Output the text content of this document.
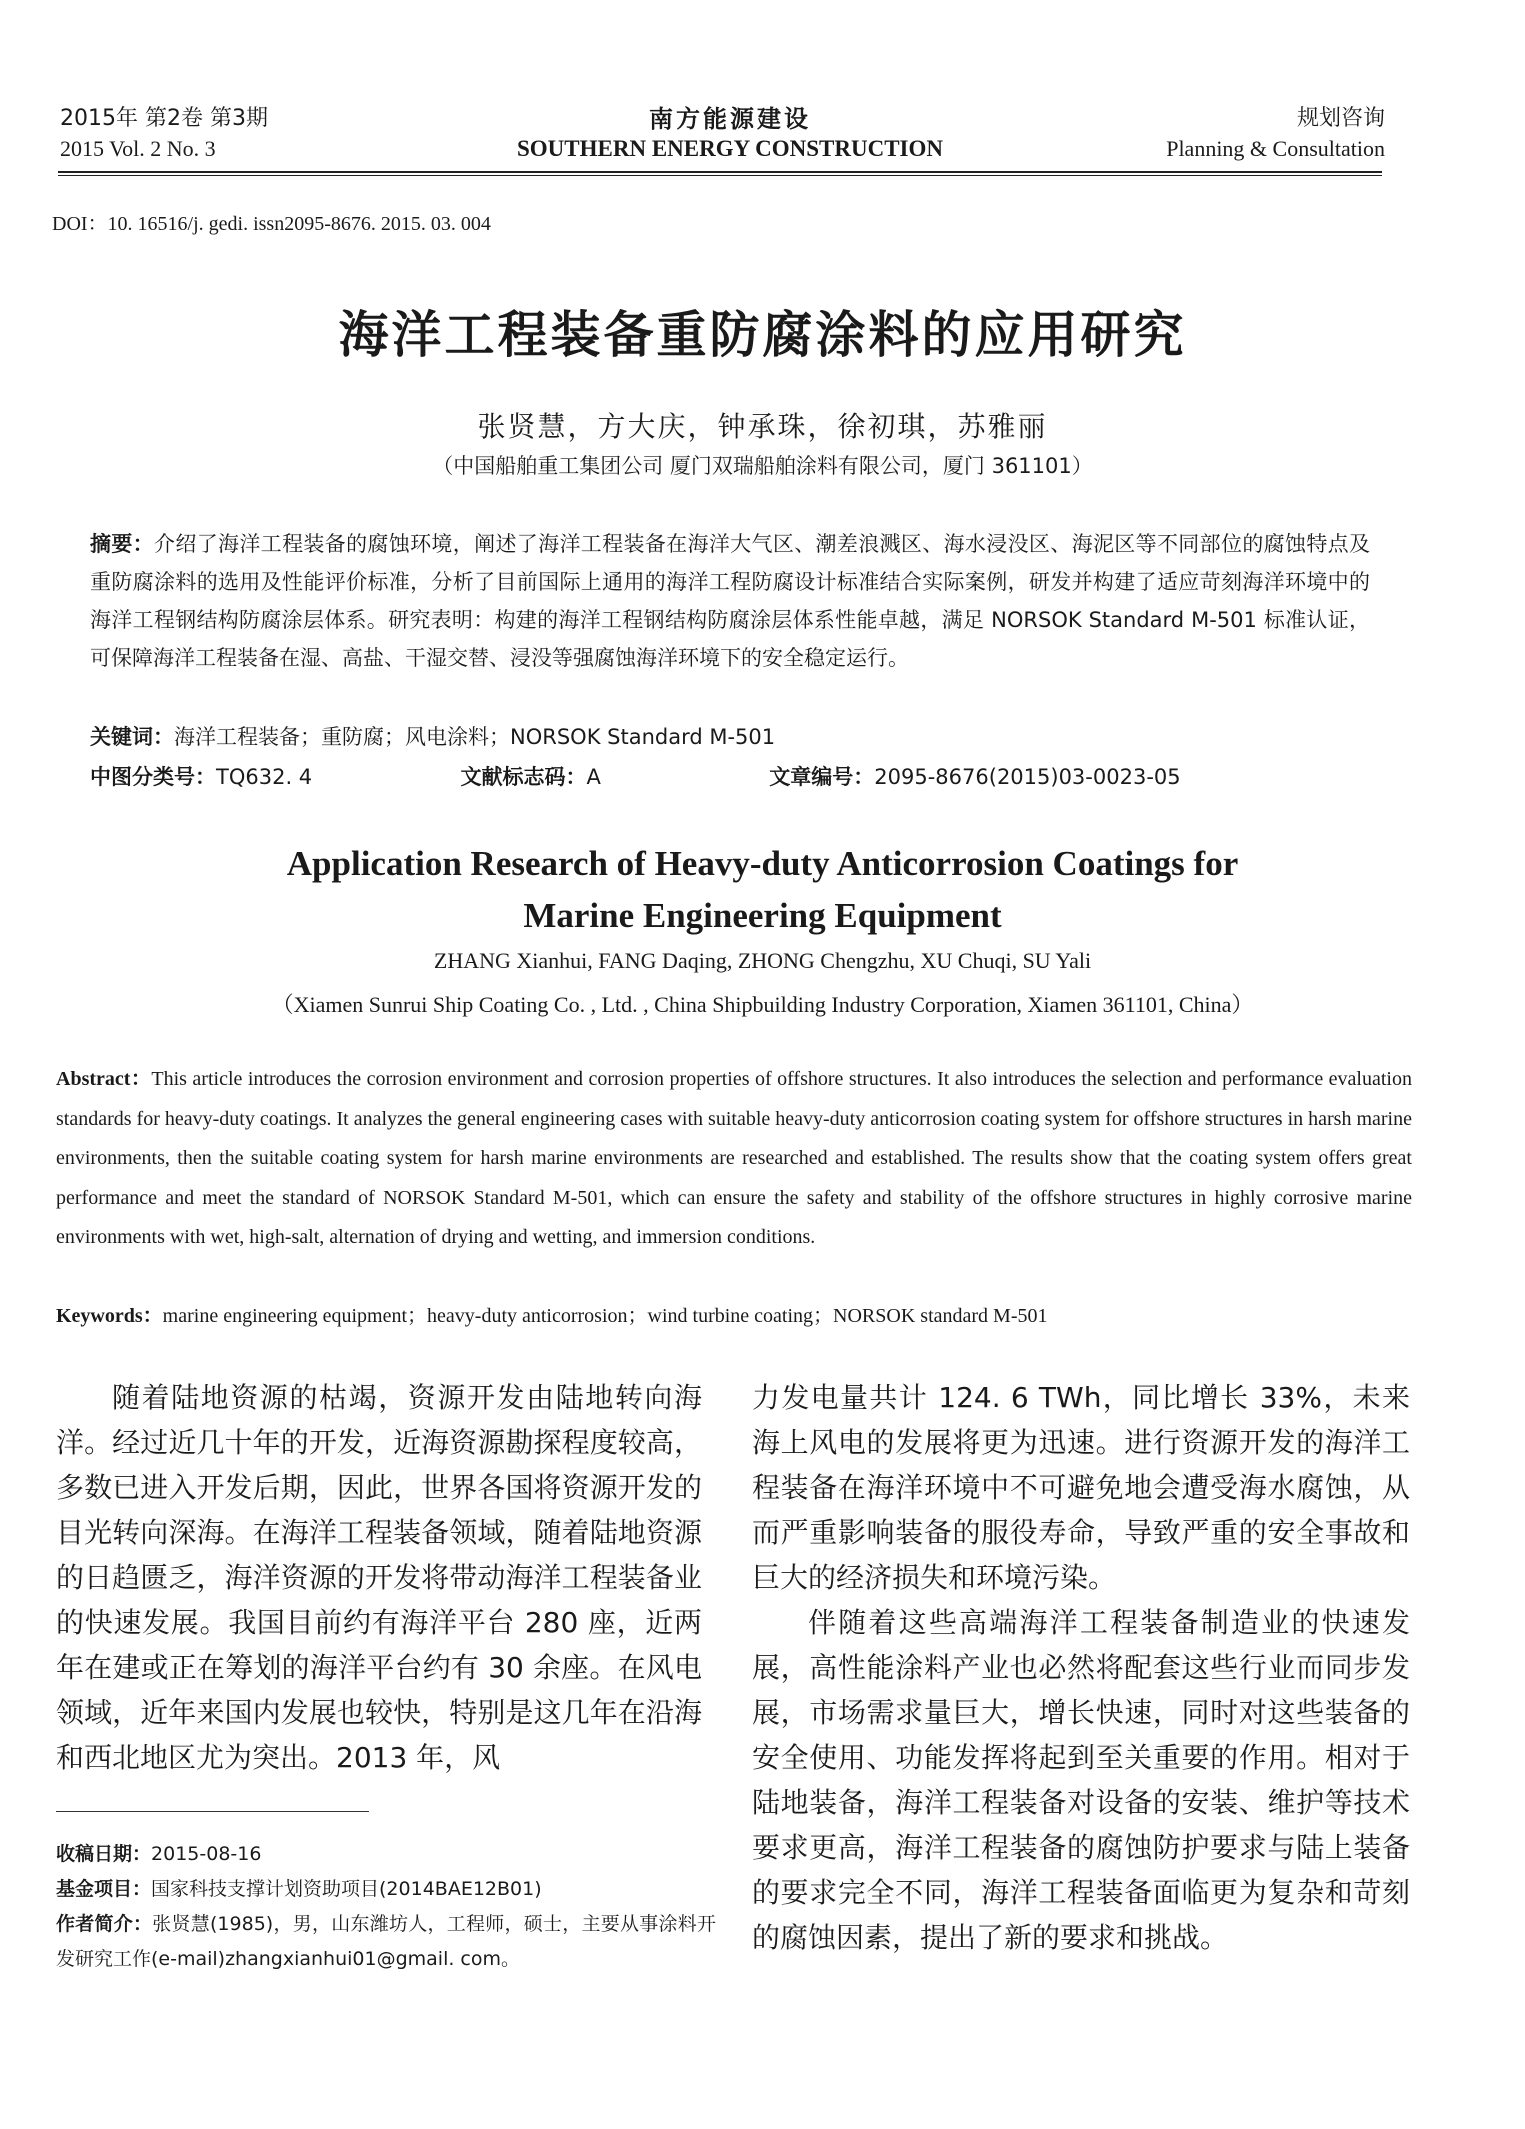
2015年 第2卷 第3期
2015 Vol. 2 No. 3
南方能源建设
SOUTHERN ENERGY CONSTRUCTION
规划咨询
Planning & Consultation
DOI：10. 16516/j. gedi. issn2095-8676. 2015. 03. 004
海洋工程装备重防腐涂料的应用研究
张贤慧，方大庆，钟承珠，徐初琪，苏雅丽
（中国船舶重工集团公司 厦门双瑞船舶涂料有限公司，厦门 361101）
摘要：介绍了海洋工程装备的腐蚀环境，阐述了海洋工程装备在海洋大气区、潮差浪溅区、海水浸没区、海泥区等不同部位的腐蚀特点及重防腐涂料的选用及性能评价标准，分析了目前国际上通用的海洋工程防腐设计标准结合实际案例，研发并构建了适应苛刻海洋环境中的海洋工程钢结构防腐涂层体系。研究表明：构建的海洋工程钢结构防腐涂层体系性能卓越，满足 NORSOK Standard M-501 标准认证，可保障海洋工程装备在湿、高盐、干湿交替、浸没等强腐蚀海洋环境下的安全稳定运行。
关键词：海洋工程装备；重防腐；风电涂料；NORSOK Standard M-501
中图分类号：TQ632. 4	文献标志码：A	文章编号：2095-8676(2015)03-0023-05
Application Research of Heavy-duty Anticorrosion Coatings for
Marine Engineering Equipment
ZHANG Xianhui, FANG Daqing, ZHONG Chengzhu, XU Chuqi, SU Yali
（Xiamen Sunrui Ship Coating Co. , Ltd. , China Shipbuilding Industry Corporation, Xiamen 361101, China）
Abstract：This article introduces the corrosion environment and corrosion properties of offshore structures. It also introduces the selection and performance evaluation standards for heavy-duty coatings. It analyzes the general engineering cases with suitable heavy-duty anticorrosion coating system for offshore structures in harsh marine environments, then the suitable coating system for harsh marine environments are researched and established. The results show that the coating system offers great performance and meet the standard of NORSOK Standard M-501, which can ensure the safety and stability of the offshore structures in highly corrosive marine environments with wet, high-salt, alternation of drying and wetting, and immersion conditions.
Keywords：marine engineering equipment；heavy-duty anticorrosion；wind turbine coating；NORSOK standard M-501

随着陆地资源的枯竭，资源开发由陆地转向海洋。经过近几十年的开发，近海资源勘探程度较高，多数已进入开发后期，因此，世界各国将资源开发的目光转向深海。在海洋工程装备领域，随着陆地资源的日趋匮乏，海洋资源的开发将带动海洋工程装备业的快速发展。我国目前约有海洋平台 280 座，近两年在建或正在筹划的海洋平台约有 30 余座。在风电领域，近年来国内发展也较快，特别是这几年在沿海和西北地区尤为突出。2013 年，风

力发电量共计 124. 6 TWh，同比增长 33%，未来海上风电的发展将更为迅速。进行资源开发的海洋工程装备在海洋环境中不可避免地会遭受海水腐蚀，从而严重影响装备的服役寿命，导致严重的安全事故和巨大的经济损失和环境污染。

伴随着这些高端海洋工程装备制造业的快速发展，高性能涂料产业也必然将配套这些行业而同步发展，市场需求量巨大，增长快速，同时对这些装备的安全使用、功能发挥将起到至关重要的作用。相对于陆地装备，海洋工程装备对设备的安装、维护等技术要求更高，海洋工程装备的腐蚀防护要求与陆上装备的要求完全不同，海洋工程装备面临更为复杂和苛刻的腐蚀因素，提出了新的要求和挑战。

收稿日期：2015-08-16
基金项目：国家科技支撑计划资助项目(2014BAE12B01)
作者简介：张贤慧(1985)，男，山东潍坊人，工程师，硕士，主要从事涂料开发研究工作(e-mail)zhangxianhui01@gmail. com。
